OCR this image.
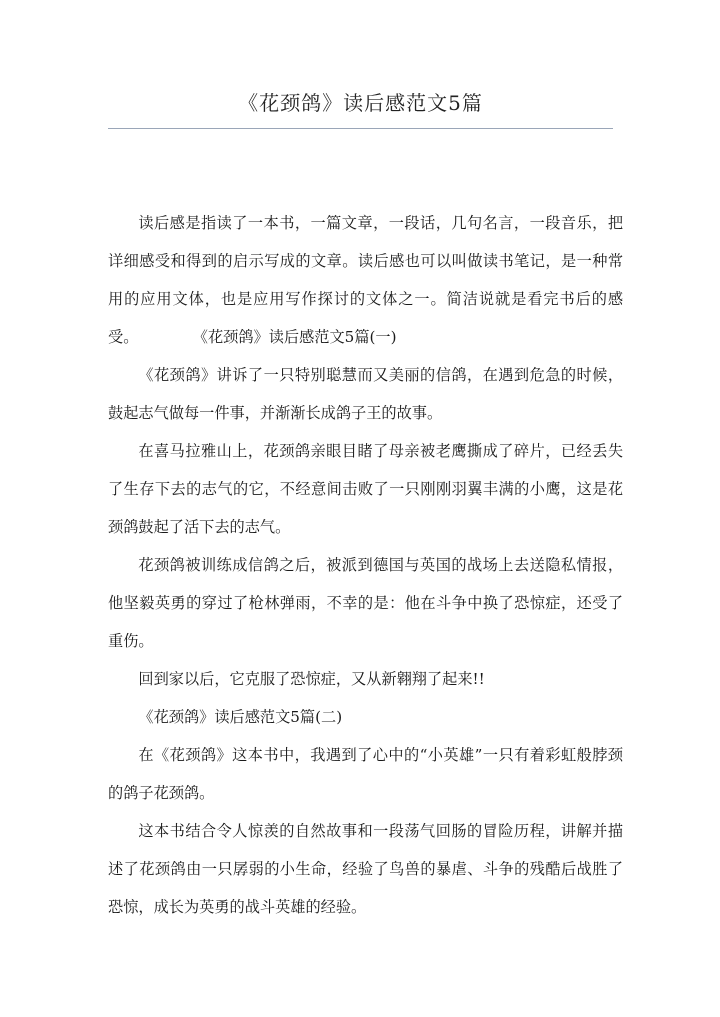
《花颈鸽》读后感范文5篇

读后感是指读了一本书，一篇文章，一段话，几句名言，一段音乐，把详细感受和得到的启示写成的文章。读后感也可以叫做读书笔记，是一种常用的应用文体，也是应用写作探讨的文体之一。简洁说就是看完书后的感受。	《花颈鸽》读后感范文5篇(一)

《花颈鸽》讲诉了一只特别聪慧而又美丽的信鸽，在遇到危急的时候，鼓起志气做每一件事，并渐渐长成鸽子王的故事。

在喜马拉雅山上，花颈鸽亲眼目睹了母亲被老鹰撕成了碎片，已经丢失了生存下去的志气的它，不经意间击败了一只刚刚羽翼丰满的小鹰，这是花颈鸽鼓起了活下去的志气。

花颈鸽被训练成信鸽之后，被派到德国与英国的战场上去送隐私情报，他坚毅英勇的穿过了枪林弹雨，不幸的是：他在斗争中换了恐惊症，还受了重伤。

回到家以后，它克服了恐惊症，又从新翱翔了起来!!

《花颈鸽》读后感范文5篇(二)

在《花颈鸽》这本书中，我遇到了心中的“小英雄”一只有着彩虹般脖颈的鸽子花颈鸽。

这本书结合令人惊羡的自然故事和一段荡气回肠的冒险历程，讲解并描述了花颈鸽由一只孱弱的小生命，经验了鸟兽的暴虐、斗争的残酷后战胜了恐惊，成长为英勇的战斗英雄的经验。
